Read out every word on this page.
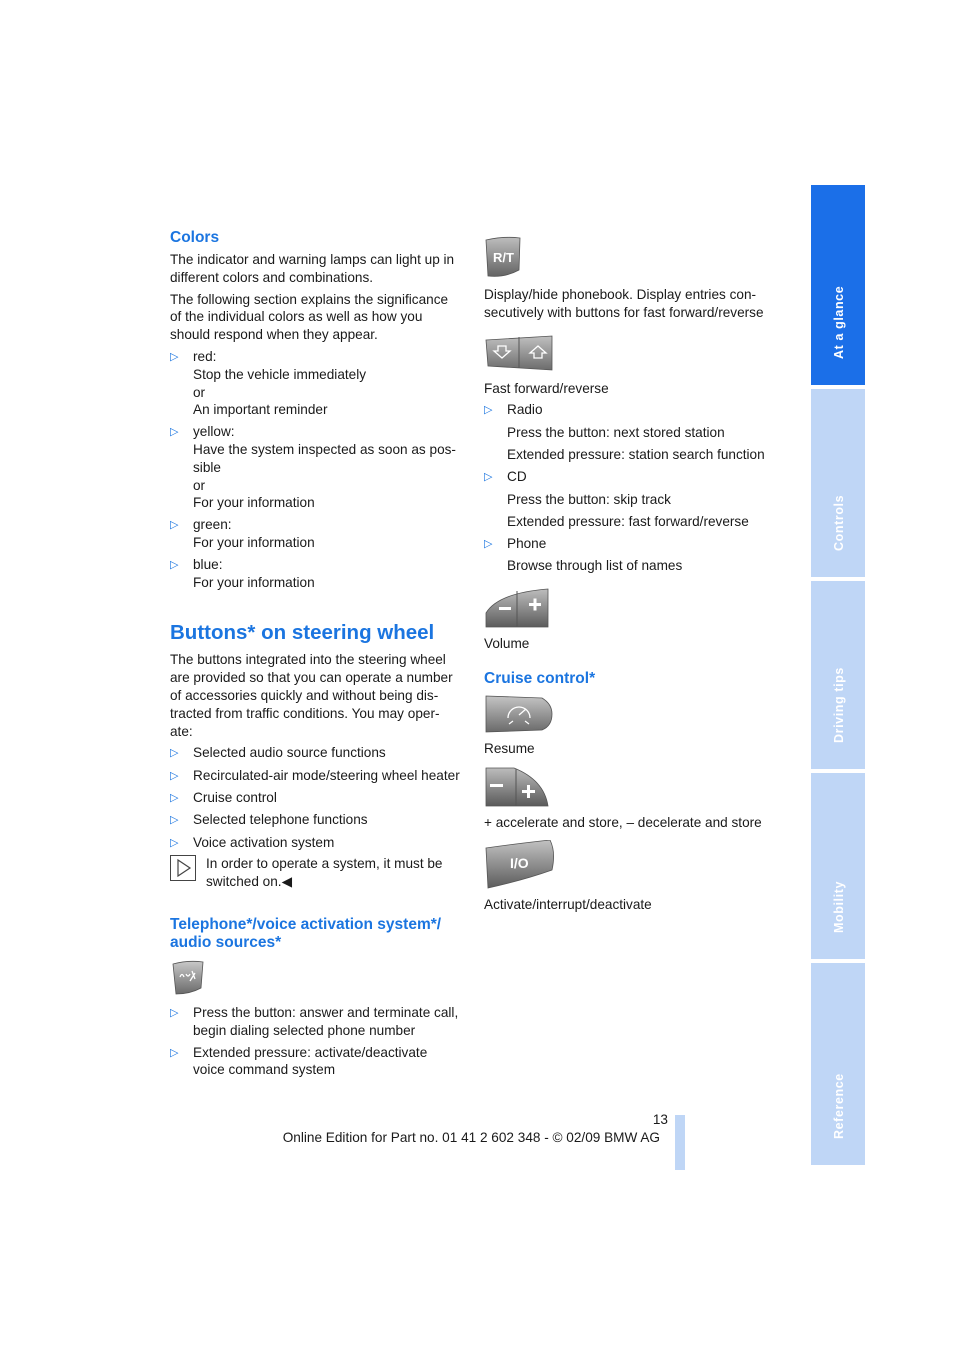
Colors

The indicator and warning lamps can light up in different colors and combinations.

The following section explains the significance of the individual colors as well as how you should respond when they appear.

▷ red:
Stop the vehicle immediately
or
An important reminder
▷ yellow:
Have the system inspected as soon as pos-
sible
or
For your information
▷ green:
For your information
▷ blue:
For your information

Buttons* on steering wheel

The buttons integrated into the steering wheel are provided so that you can operate a number of accessories quickly and without being dis-tracted from traffic conditions. You may oper-ate:

▷ Selected audio source functions
▷ Recirculated-air mode/steering wheel heater
▷ Cruise control
▷ Selected telephone functions
▷ Voice activation system
In order to operate a system, it must be switched on.◀

Telephone*/voice activation system*/ audio sources*

▷ Press the button: answer and terminate call, begin dialing selected phone number
▷ Extended pressure: activate/deactivate voice command system
R/T

Display/hide phonebook. Display entries con-secutively with buttons for fast forward/reverse

Fast forward/reverse

▷ Radio
Press the button: next stored station
Extended pressure: station search function
▷ CD
Press the button: skip track
Extended pressure: fast forward/reverse
▷ Phone
Browse through list of names

Volume

Cruise control*

Resume

+ accelerate and store, – decelerate and store

I/O

Activate/interrupt/deactivate

At a glance
Controls
Driving tips
Mobility
Reference
13
Online Edition for Part no. 01 41 2 602 348 - © 02/09 BMW AG
